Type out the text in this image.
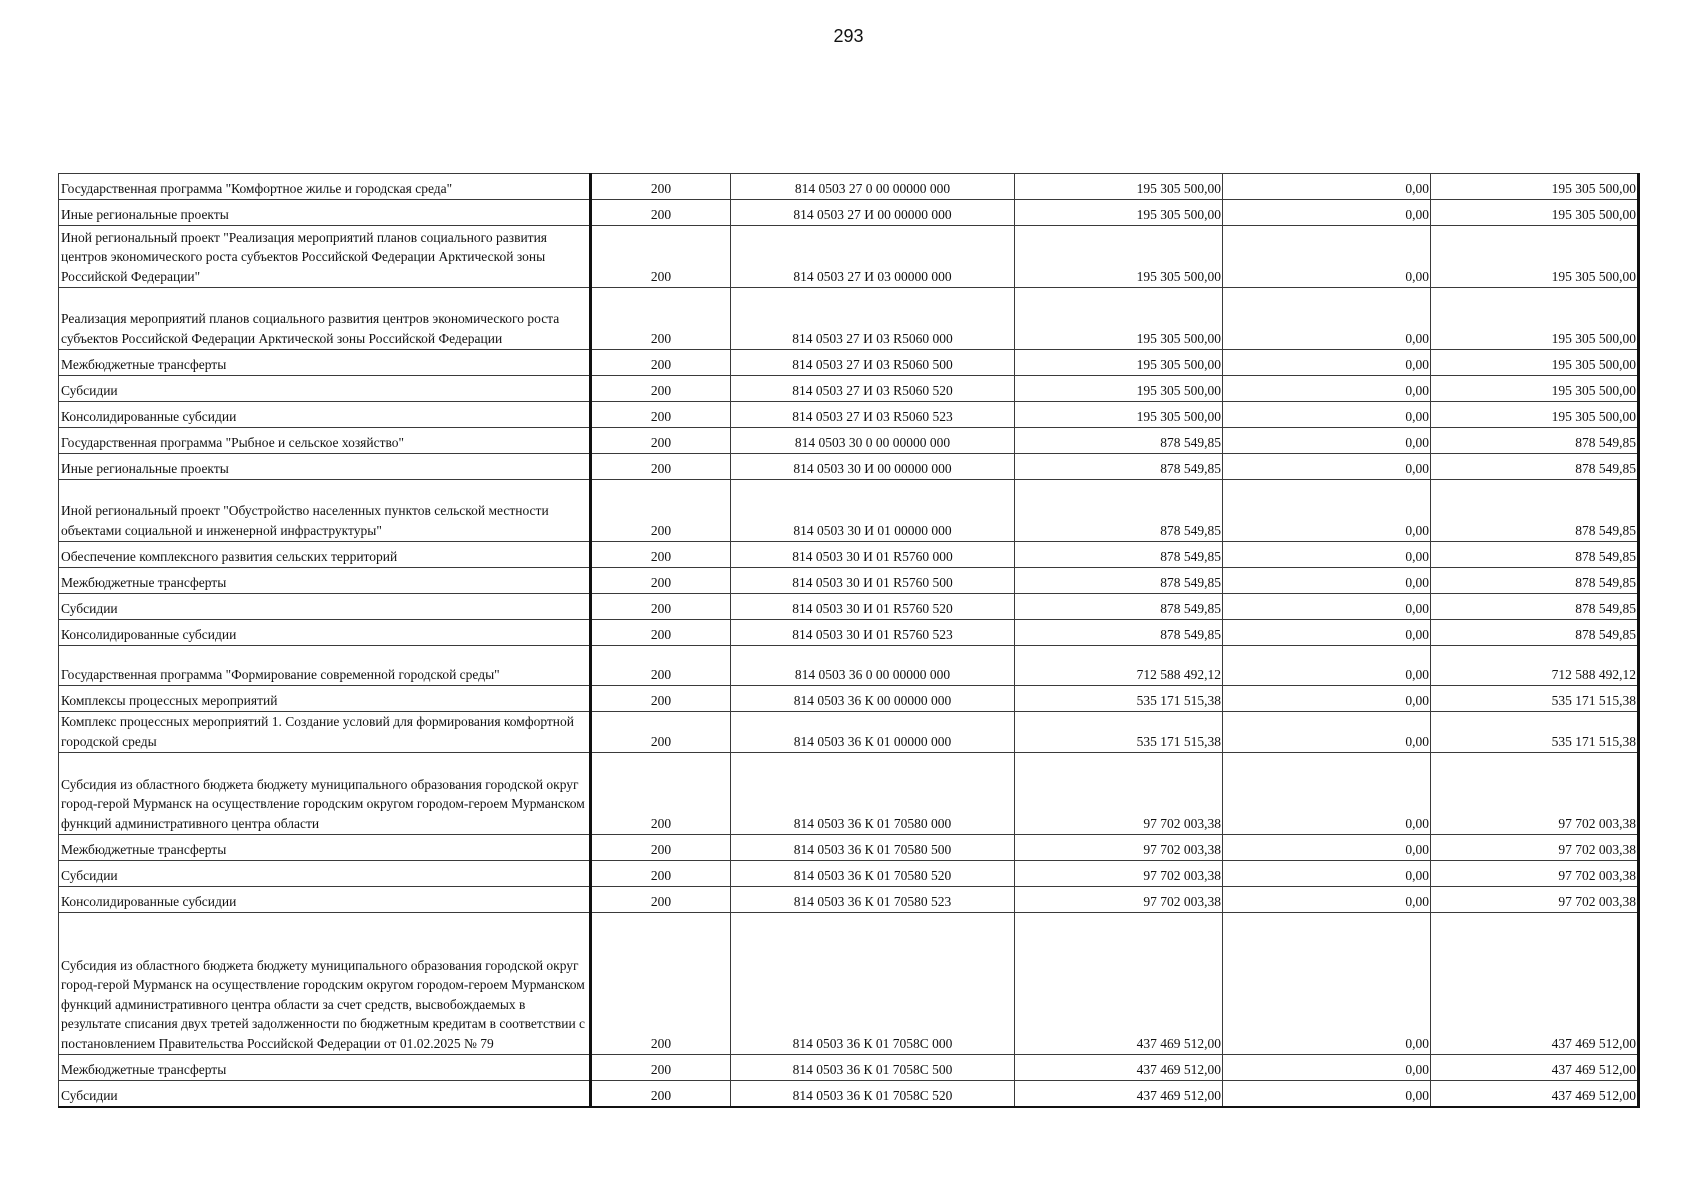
293
Государственная программа "Комфортное жилье и городская среда"	200	814 0503 27 0 00 00000 000	195 305 500,00	0,00	195 305 500,00
Иные региональные проекты	200	814 0503 27 И 00 00000 000	195 305 500,00	0,00	195 305 500,00
Иной региональный проект "Реализация мероприятий планов социального развития центров экономического роста субъектов Российской Федерации Арктической зоны Российской Федерации"	200	814 0503 27 И 03 00000 000	195 305 500,00	0,00	195 305 500,00
Реализация мероприятий планов социального развития центров экономического роста субъектов Российской Федерации Арктической зоны Российской Федерации	200	814 0503 27 И 03 R5060 000	195 305 500,00	0,00	195 305 500,00
Межбюджетные трансферты	200	814 0503 27 И 03 R5060 500	195 305 500,00	0,00	195 305 500,00
Субсидии	200	814 0503 27 И 03 R5060 520	195 305 500,00	0,00	195 305 500,00
Консолидированные субсидии	200	814 0503 27 И 03 R5060 523	195 305 500,00	0,00	195 305 500,00
Государственная программа "Рыбное и сельское хозяйство"	200	814 0503 30 0 00 00000 000	878 549,85	0,00	878 549,85
Иные региональные проекты	200	814 0503 30 И 00 00000 000	878 549,85	0,00	878 549,85
Иной региональный проект "Обустройство населенных пунктов сельской местности объектами социальной и инженерной инфраструктуры"	200	814 0503 30 И 01 00000 000	878 549,85	0,00	878 549,85
Обеспечение комплексного развития сельских территорий	200	814 0503 30 И 01 R5760 000	878 549,85	0,00	878 549,85
Межбюджетные трансферты	200	814 0503 30 И 01 R5760 500	878 549,85	0,00	878 549,85
Субсидии	200	814 0503 30 И 01 R5760 520	878 549,85	0,00	878 549,85
Консолидированные субсидии	200	814 0503 30 И 01 R5760 523	878 549,85	0,00	878 549,85
Государственная программа "Формирование современной городской среды"	200	814 0503 36 0 00 00000 000	712 588 492,12	0,00	712 588 492,12
Комплексы процессных мероприятий	200	814 0503 36 К 00 00000 000	535 171 515,38	0,00	535 171 515,38
Комплекс процессных мероприятий 1. Создание условий для формирования комфортной городской среды	200	814 0503 36 К 01 00000 000	535 171 515,38	0,00	535 171 515,38
Субсидия из областного бюджета бюджету муниципального образования городской округ город-герой Мурманск на осуществление городским округом городом-героем Мурманском функций административного центра области	200	814 0503 36 К 01 70580 000	97 702 003,38	0,00	97 702 003,38
Межбюджетные трансферты	200	814 0503 36 К 01 70580 500	97 702 003,38	0,00	97 702 003,38
Субсидии	200	814 0503 36 К 01 70580 520	97 702 003,38	0,00	97 702 003,38
Консолидированные субсидии	200	814 0503 36 К 01 70580 523	97 702 003,38	0,00	97 702 003,38
Субсидия из областного бюджета бюджету муниципального образования городской округ город-герой Мурманск на осуществление городским округом городом-героем Мурманском функций административного центра области за счет средств, высвобождаемых в результате списания двух третей задолженности по бюджетным кредитам в соответствии с постановлением Правительства Российской Федерации от 01.02.2025 № 79	200	814 0503 36 К 01 7058С 000	437 469 512,00	0,00	437 469 512,00
Межбюджетные трансферты	200	814 0503 36 К 01 7058С 500	437 469 512,00	0,00	437 469 512,00
Субсидии	200	814 0503 36 К 01 7058С 520	437 469 512,00	0,00	437 469 512,00
